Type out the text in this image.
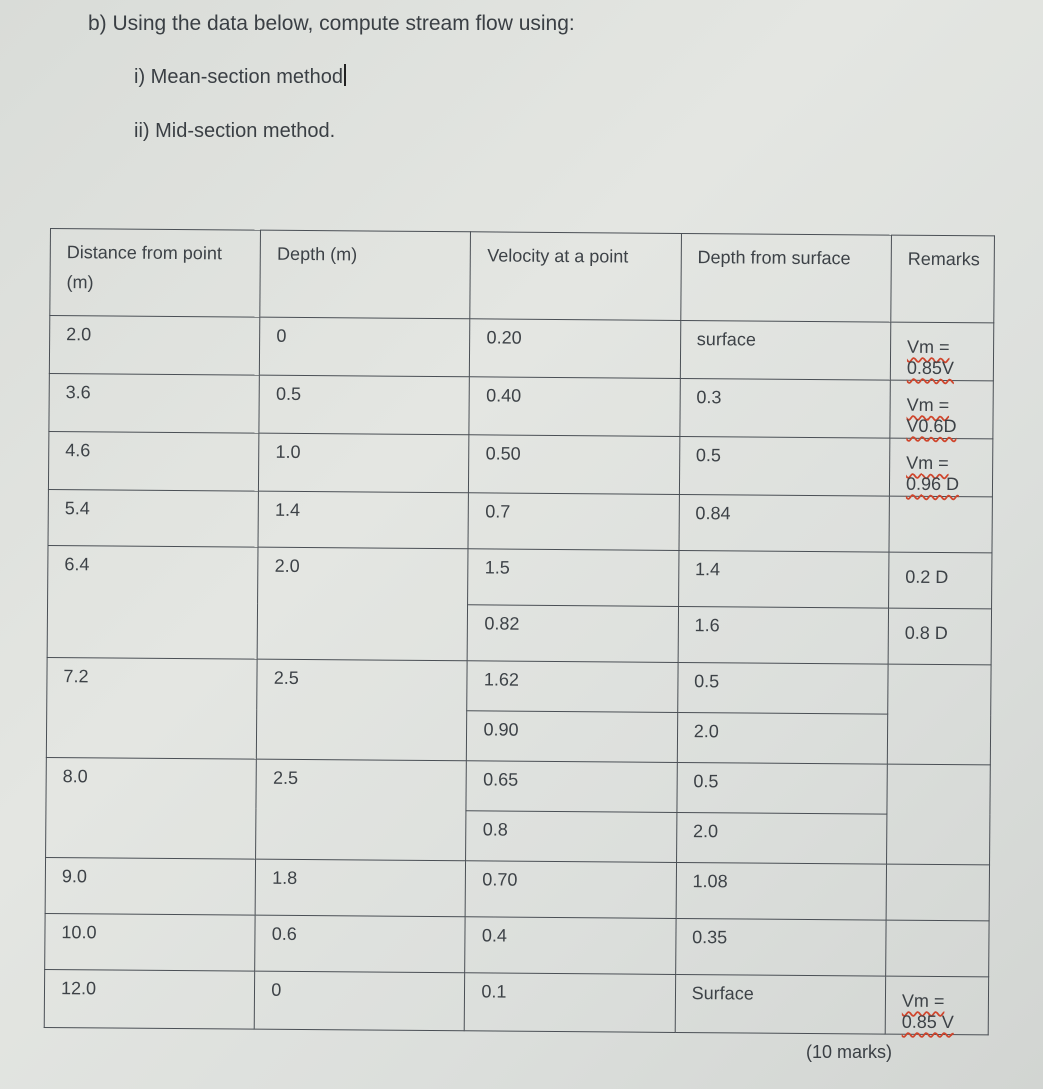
b) Using the data below, compute stream flow using:
i) Mean-section method
ii) Mid-section method.
Distance from point (m)	Depth (m)	Velocity at a point	Depth from surface	Remarks
2.0	0	0.20	surface	Vm = 0.85V
3.6	0.5	0.40	0.3	Vm = V0.6D
4.6	1.0	0.50	0.5	Vm = 0.96 D
5.4	1.4	0.7	0.84	
6.4	2.0	1.5	1.4	0.2 D
		0.82	1.6	0.8 D
7.2	2.5	1.62	0.5	
		0.90	2.0	
8.0	2.5	0.65	0.5	
		0.8	2.0	
9.0	1.8	0.70	1.08	
10.0	0.6	0.4	0.35	
12.0	0	0.1	Surface	Vm = 0.85 V
(10 marks)
